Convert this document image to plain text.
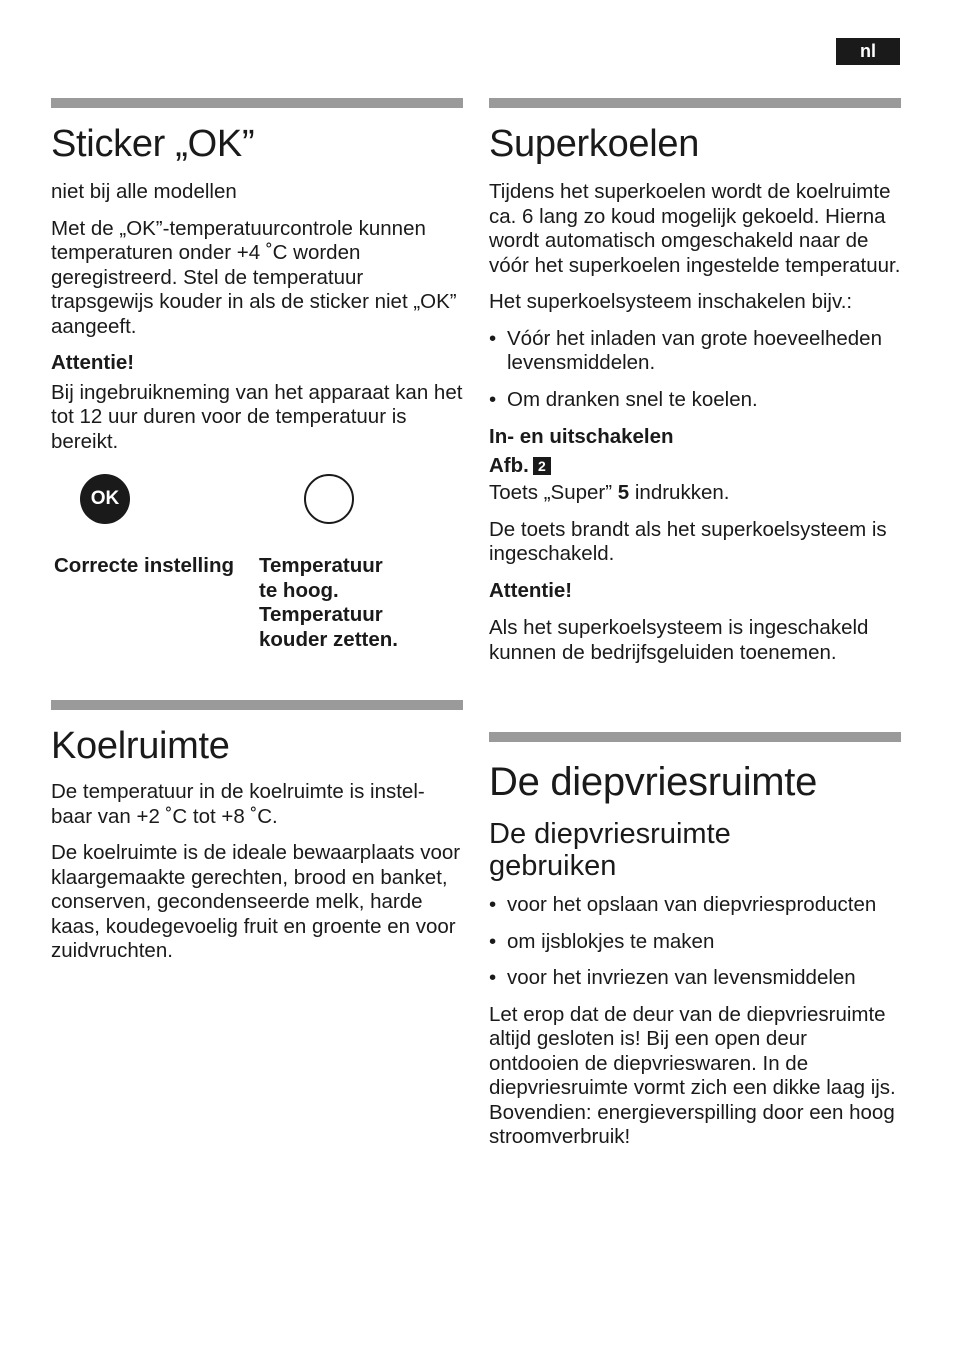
nl
Sticker „OK”

niet bij alle modellen

Met de „OK”-temperatuurcontrole kunnen temperaturen onder +4 ˚C worden geregistreerd. Stel de temperatuur trapsgewijs kouder in als de sticker niet „OK” aangeeft.

Attentie!

Bij ingebruikneming van het apparaat kan het tot 12 uur duren voor de temperatuur is bereikt.

OK
Correcte instelling Temperatuur
te hoog.
Temperatuur
kouder zetten.
Koelruimte

De temperatuur in de koelruimte is instel-baar van +2 ˚C tot +8 ˚C.

De koelruimte is de ideale bewaarplaats voor klaargemaakte gerechten, brood en banket, conserven, gecondenseerde melk, harde kaas, koudegevoelig fruit en groente en voor zuidvruchten.

Superkoelen

Tijdens het superkoelen wordt de koelruimte ca. 6 lang zo koud mogelijk gekoeld. Hierna wordt automatisch omgeschakeld naar de vóór het superkoelen ingestelde temperatuur.

Het superkoelsysteem inschakelen bijv.:

• Vóór het inladen van grote hoeveelheden levensmiddelen.
• Om dranken snel te koelen.

In- en uitschakelen

Afb. 2

Toets „Super” 5 indrukken.

De toets brandt als het superkoelsysteem is ingeschakeld.

Attentie!

Als het superkoelsysteem is ingeschakeld kunnen de bedrijfsgeluiden toenemen.

De diepvriesruimte
De diepvriesruimte
gebruiken
• voor het opslaan van diepvriesproducten
• om ijsblokjes te maken
• voor het invriezen van levensmiddelen

Let erop dat de deur van de diepvriesruimte altijd gesloten is! Bij een open deur ontdooien de diepvrieswaren. In de diepvriesruimte vormt zich een dikke laag ijs. Bovendien: energieverspilling door een hoog stroomverbruik!
